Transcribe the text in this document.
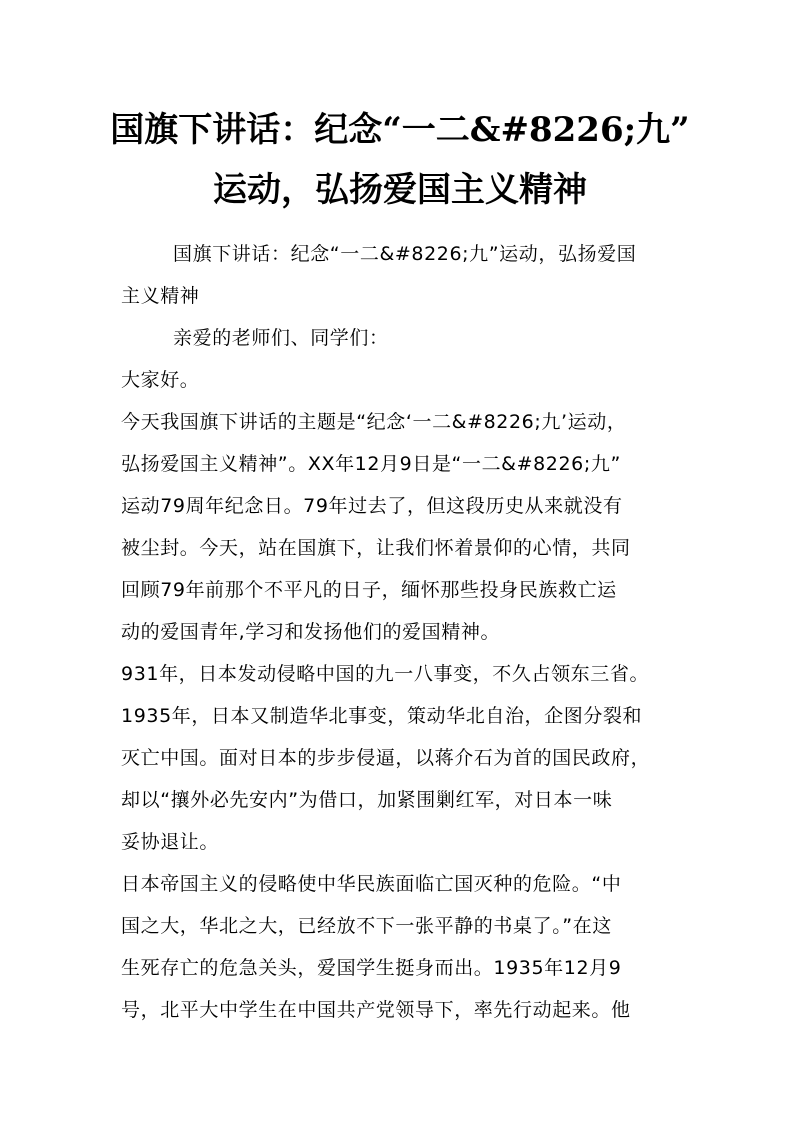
国旗下讲话：纪念“一二&#8226;九”
运动，弘扬爱国主义精神

国旗下讲话：纪念“一二&#8226;九”运动，弘扬爱国

主义精神

亲爱的老师们、同学们：

大家好。

今天我国旗下讲话的主题是“纪念‘一二&#8226;九’运动，

弘扬爱国主义精神”。XX年12月9日是“一二&#8226;九”

运动79周年纪念日。79年过去了，但这段历史从来就没有

被尘封。今天，站在国旗下，让我们怀着景仰的心情，共同

回顾79年前那个不平凡的日子，缅怀那些投身民族救亡运

动的爱国青年,学习和发扬他们的爱国精神。

931年，日本发动侵略中国的九一八事变，不久占领东三省。

1935年，日本又制造华北事变，策动华北自治，企图分裂和

灭亡中国。面对日本的步步侵逼，以蒋介石为首的国民政府，

却以“攘外必先安内”为借口，加紧围剿红军，对日本一味

妥协退让。

日本帝国主义的侵略使中华民族面临亡国灭种的危险。“中

国之大，华北之大，已经放不下一张平静的书桌了。”在这

生死存亡的危急关头，爱国学生挺身而出。1935年12月9

号，北平大中学生在中国共产党领导下，率先行动起来。他
